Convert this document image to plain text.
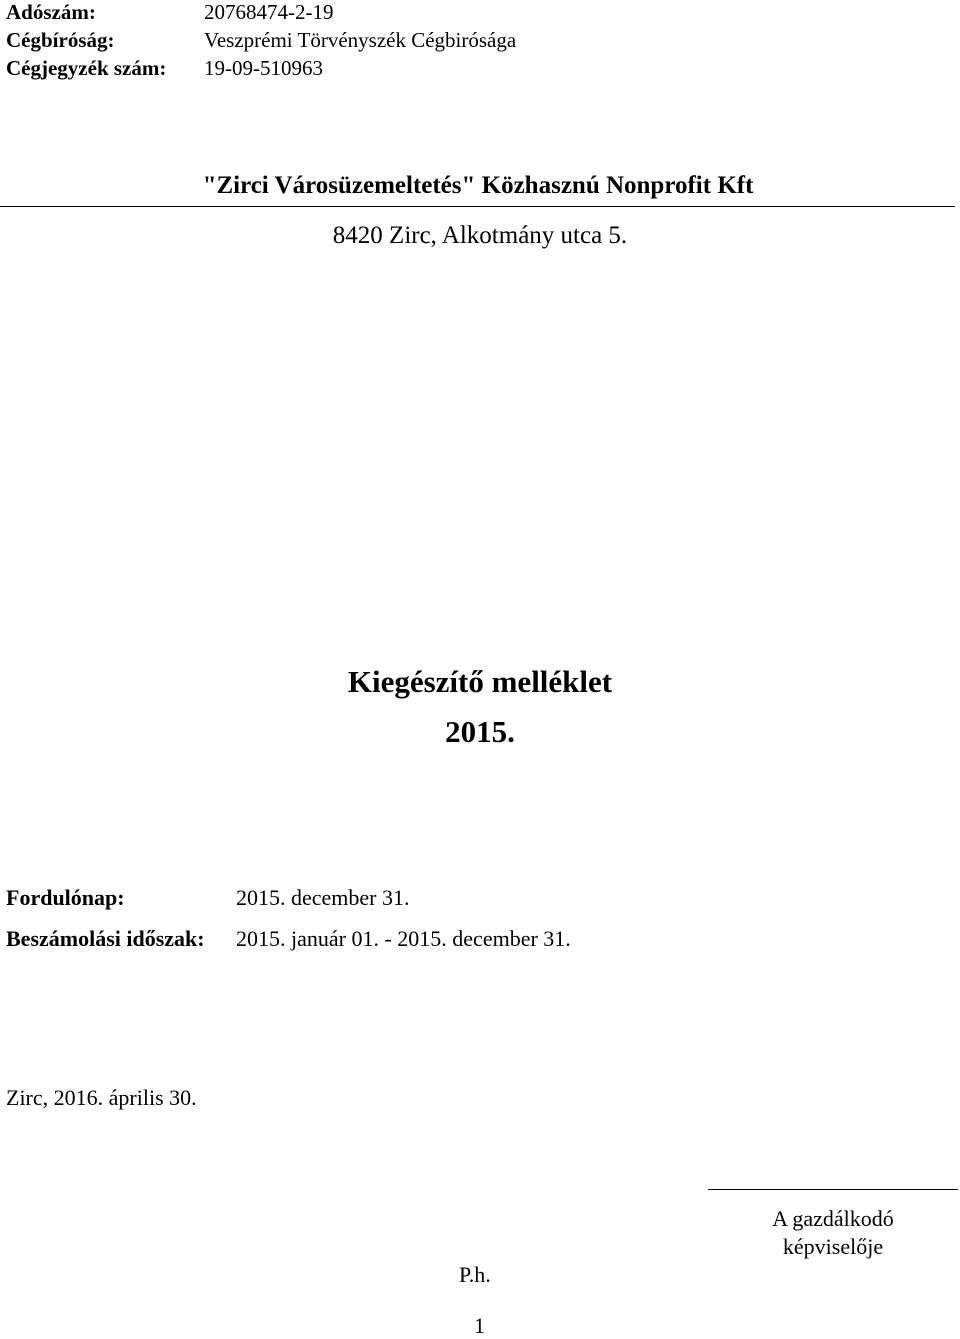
Adószám:	20768474-2-19
Cégbíróság:	Veszprémi Törvényszék Cégbirósága
Cégjegyzék szám: 19-09-510963
"Zirci Városüzemeltetés" Közhasznú Nonprofit Kft
8420 Zirc, Alkotmány utca 5.
Kiegészítő melléklet
2015.
Fordulónap:	2015. december 31.
Beszámolási időszak: 2015. január 01. - 2015. december 31.
Zirc, 2016. április 30.
A gazdálkodó
képviselője
P.h.
1
